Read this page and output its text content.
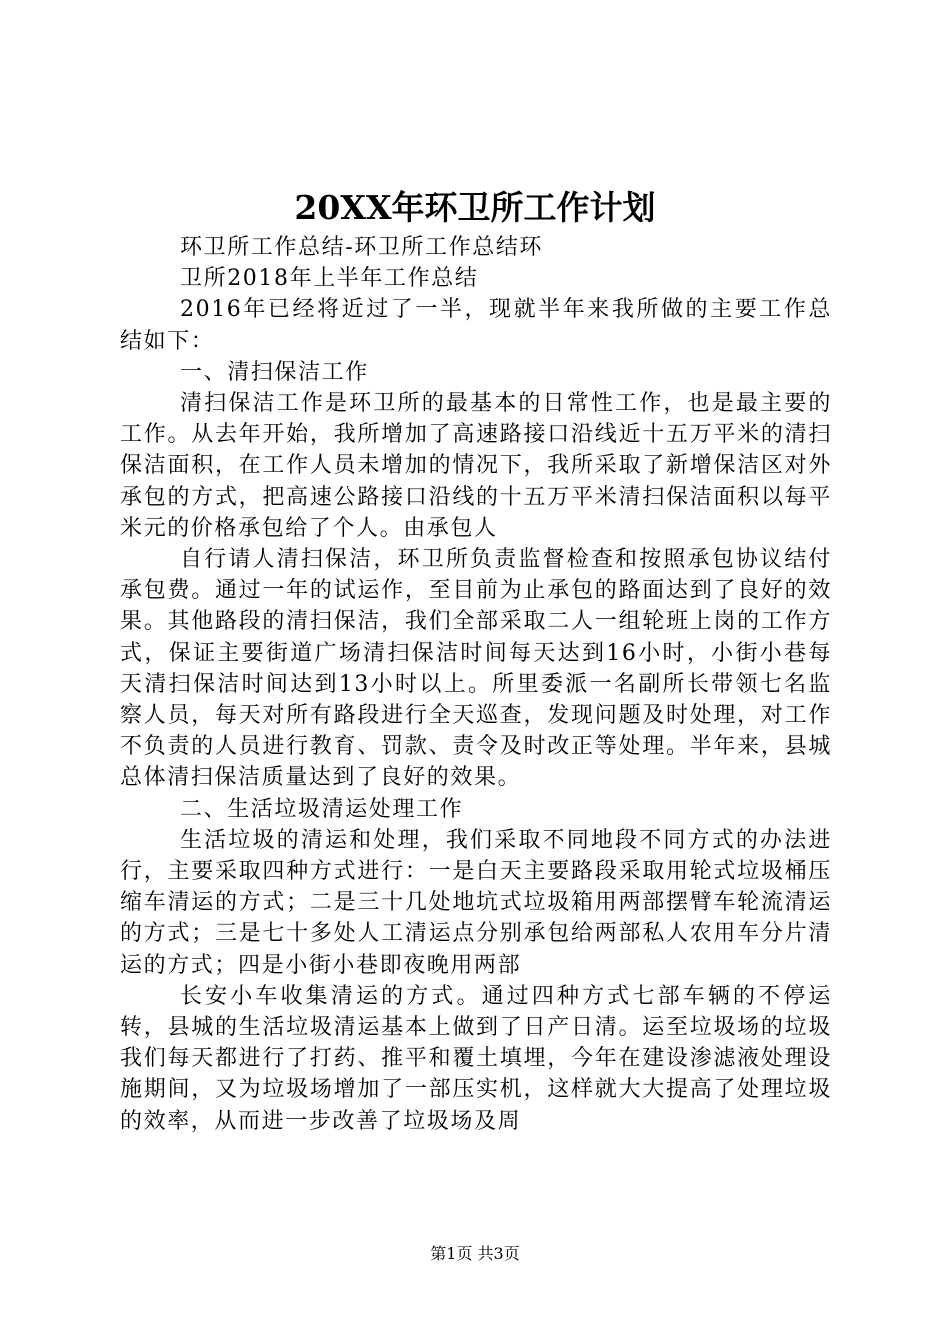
20XX年环卫所工作计划

环卫所工作总结-环卫所工作总结环

卫所2018年上半年工作总结

2016年已经将近过了一半，现就半年来我所做的主要工作总结如下：

一、清扫保洁工作

清扫保洁工作是环卫所的最基本的日常性工作，也是最主要的工作。从去年开始，我所增加了高速路接口沿线近十五万平米的清扫保洁面积，在工作人员未增加的情况下，我所采取了新增保洁区对外承包的方式，把高速公路接口沿线的十五万平米清扫保洁面积以每平米元的价格承包给了个人。由承包人

自行请人清扫保洁，环卫所负责监督检查和按照承包协议结付承包费。通过一年的试运作，至目前为止承包的路面达到了良好的效果。其他路段的清扫保洁，我们全部采取二人一组轮班上岗的工作方式，保证主要街道广场清扫保洁时间每天达到16小时，小街小巷每天清扫保洁时间达到13小时以上。所里委派一名副所长带领七名监察人员，每天对所有路段进行全天巡查，发现问题及时处理，对工作不负责的人员进行教育、罚款、责令及时改正等处理。半年来，县城总体清扫保洁质量达到了良好的效果。

二、生活垃圾清运处理工作

生活垃圾的清运和处理，我们采取不同地段不同方式的办法进行，主要采取四种方式进行：一是白天主要路段采取用轮式垃圾桶压缩车清运的方式；二是三十几处地坑式垃圾箱用两部摆臂车轮流清运的方式；三是七十多处人工清运点分别承包给两部私人农用车分片清运的方式；四是小街小巷即夜晚用两部

长安小车收集清运的方式。通过四种方式七部车辆的不停运转，县城的生活垃圾清运基本上做到了日产日清。运至垃圾场的垃圾我们每天都进行了打药、推平和覆土填埋，今年在建设渗滤液处理设施期间，又为垃圾场增加了一部压实机，这样就大大提高了处理垃圾的效率，从而进一步改善了垃圾场及周

第1页 共3页
